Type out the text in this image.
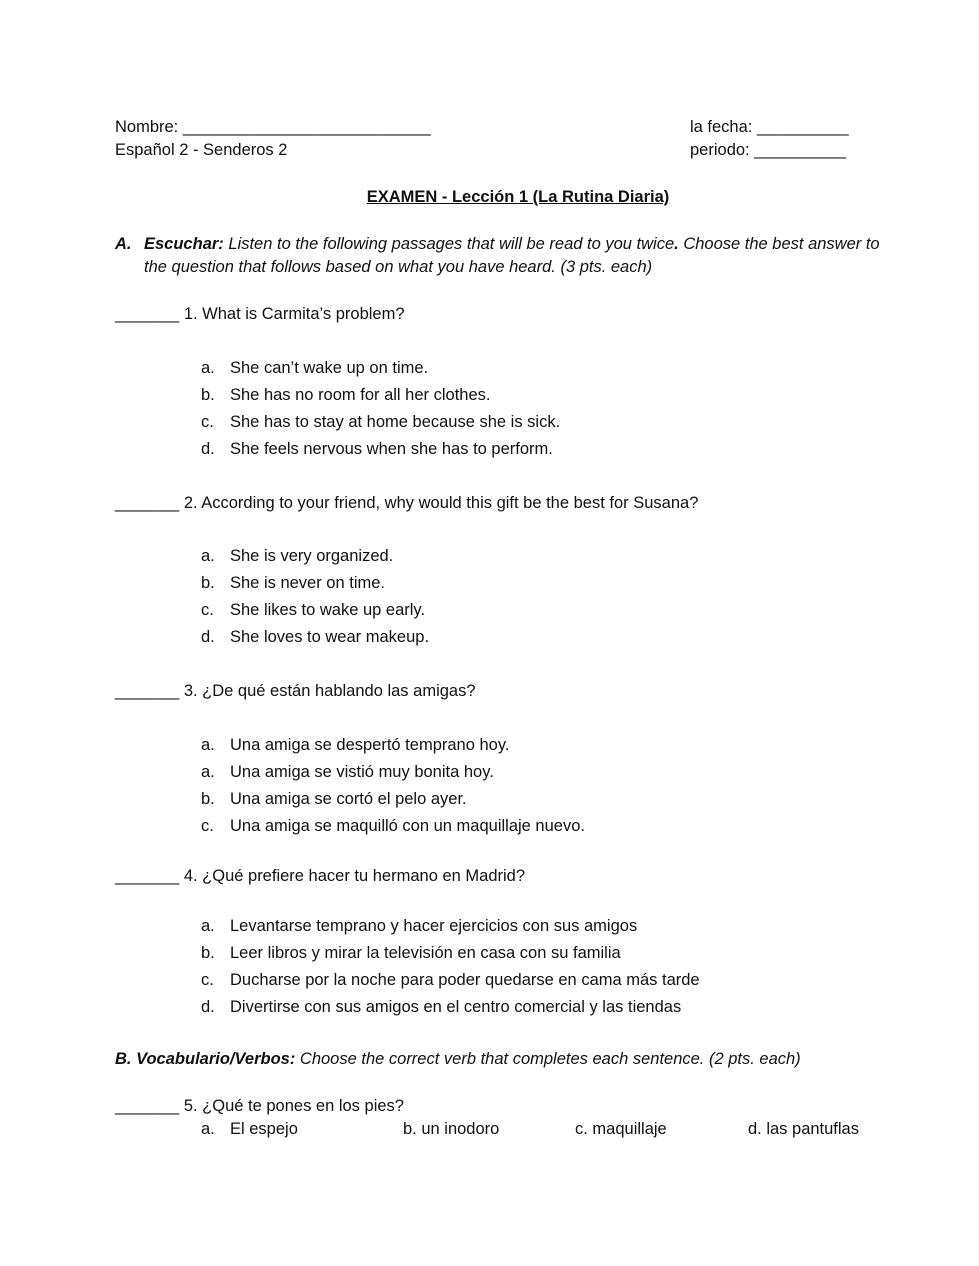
Nombre: ___________________________
Español 2 - Senderos 2
la fecha: __________
periodo: __________
EXAMEN - Lección 1 (La Rutina Diaria)
A. Escuchar: Listen to the following passages that will be read to you twice. Choose the best answer to
the question that follows based on what you have heard. (3 pts. each)
_______ 1. What is Carmita’s problem?
a. She can’t wake up on time.
b. She has no room for all her clothes.
c. She has to stay at home because she is sick.
d. She feels nervous when she has to perform.
_______ 2. According to your friend, why would this gift be the best for Susana?
a. She is very organized.
b. She is never on time.
c. She likes to wake up early.
d. She loves to wear makeup.
_______ 3. ¿De qué están hablando las amigas?
a. Una amiga se despertó temprano hoy.
a. Una amiga se vistió muy bonita hoy.
b. Una amiga se cortó el pelo ayer.
c. Una amiga se maquilló con un maquillaje nuevo.
_______ 4. ¿Qué prefiere hacer tu hermano en Madrid?
a. Levantarse temprano y hacer ejercicios con sus amigos
b. Leer libros y mirar la televisión en casa con su familia
c. Ducharse por la noche para poder quedarse en cama más tarde
d. Divertirse con sus amigos en el centro comercial y las tiendas
B. Vocabulario/Verbos: Choose the correct verb that completes each sentence. (2 pts. each)
_______ 5. ¿Qué te pones en los pies?
a. El espejo	b. un inodoro	c. maquillaje	d. las pantuflas
